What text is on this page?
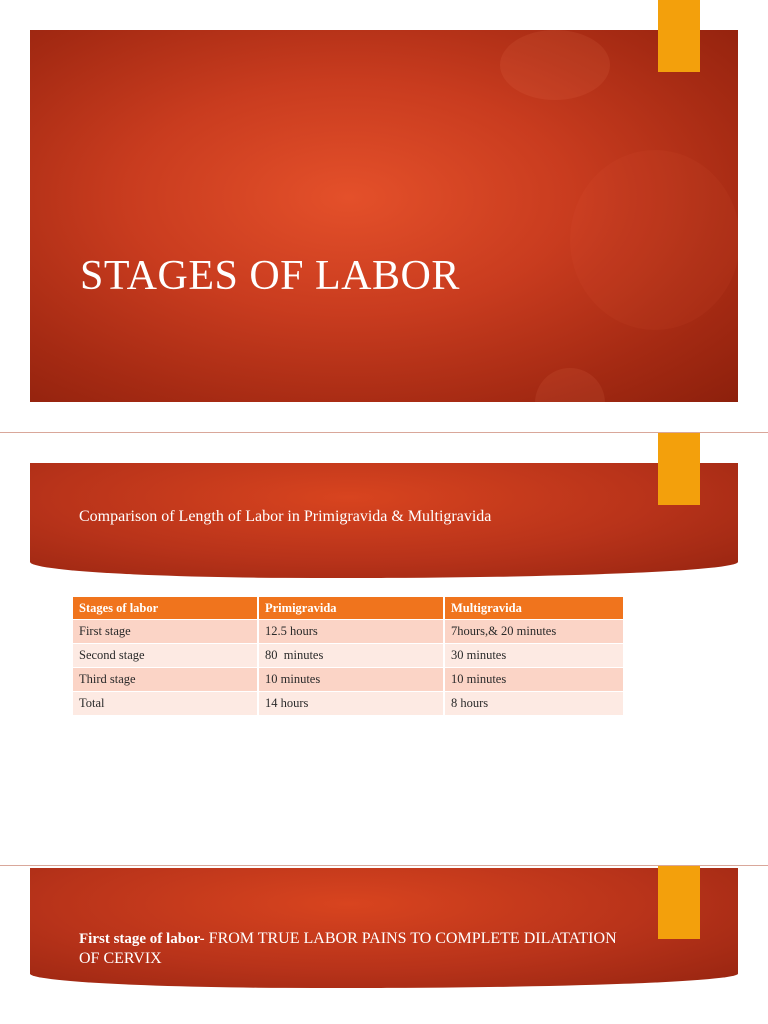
STAGES OF LABOR
Comparison of Length of Labor in Primigravida & Multigravida
Stages of labor	Primigravida	Multigravida
First stage	12.5 hours	7hours,& 20 minutes
Second stage	80  minutes	30 minutes
Third stage	10 minutes	10 minutes
Total	14 hours	8 hours
First stage of labor- FROM TRUE LABOR PAINS TO COMPLETE DILATATION OF CERVIX
